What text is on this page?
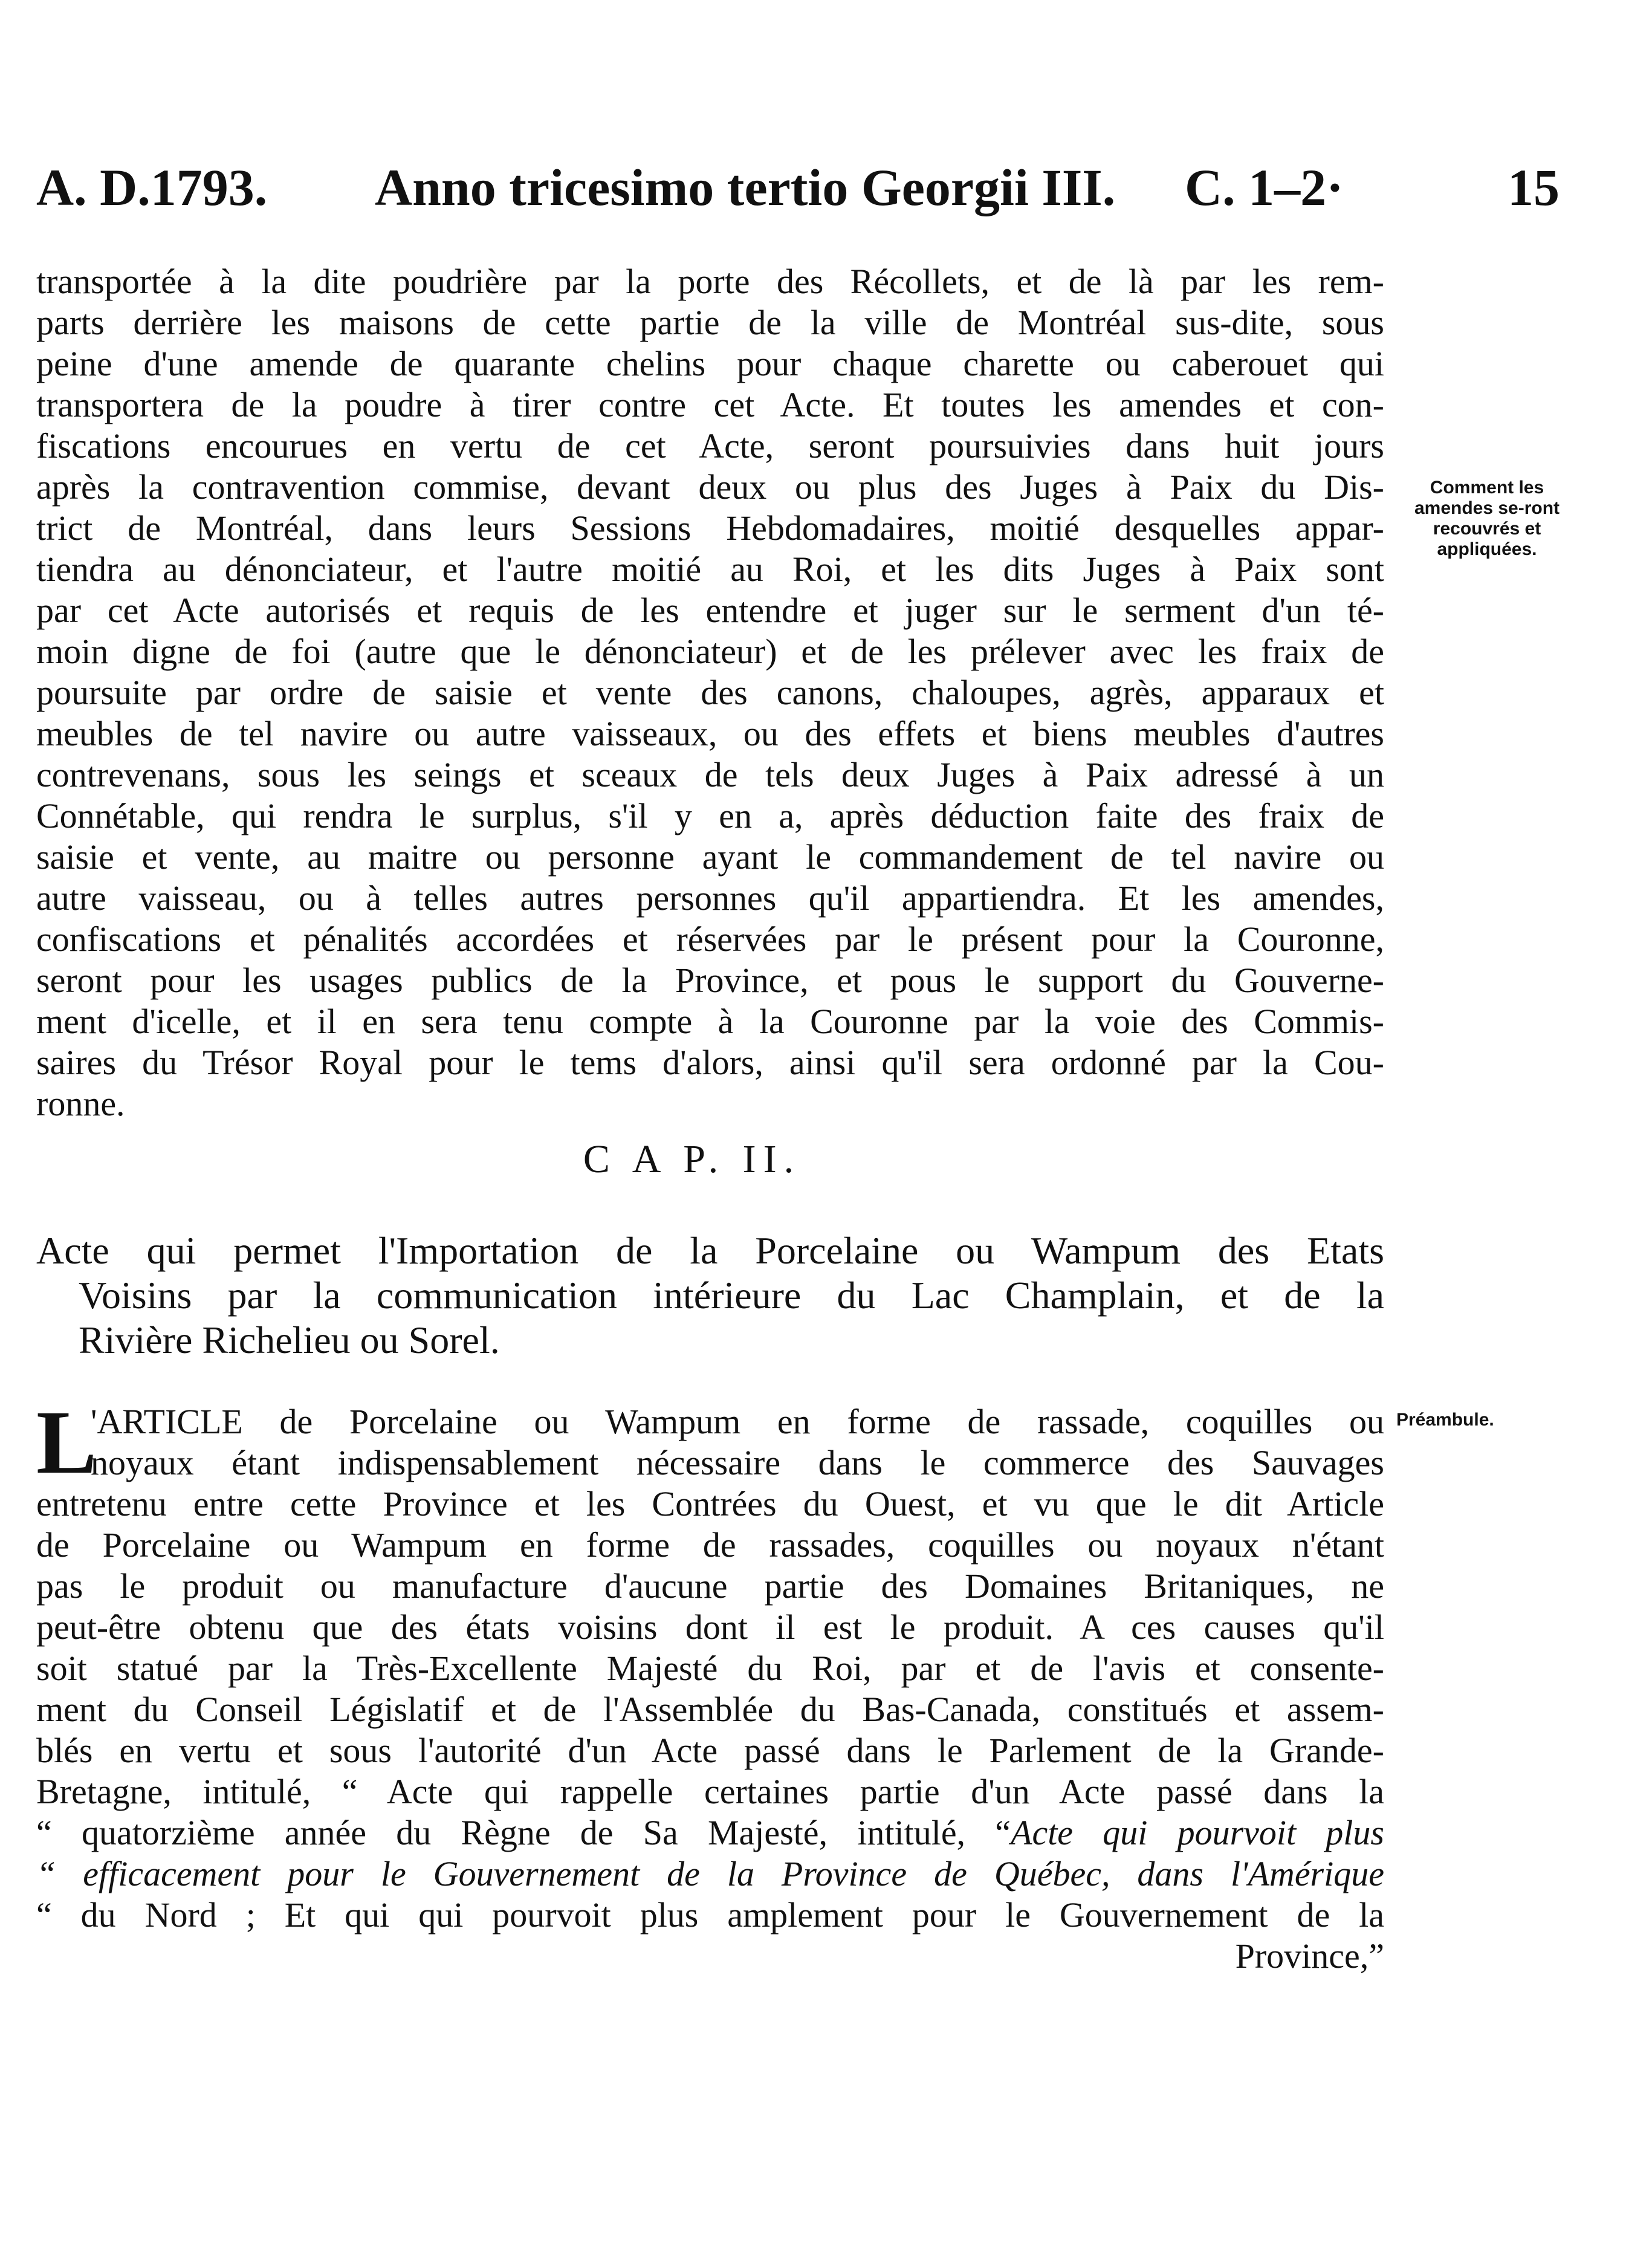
A. D.1793. Anno tricesimo tertio Georgii III. C. 1–2·	15
transportée à la dite poudrière par la porte des Récollets, et de là par les rem-
parts derrière les maisons de cette partie de la ville de Montréal sus-dite, sous
peine d'une amende de quarante chelins pour chaque charette ou caberouet qui
transportera de la poudre à tirer contre cet Acte. Et toutes les amendes et con-
fiscations encourues en vertu de cet Acte, seront poursuivies dans huit jours
après la contravention commise, devant deux ou plus des Juges à Paix du Dis-
trict de Montréal, dans leurs Sessions Hebdomadaires, moitié desquelles appar-
tiendra au dénonciateur, et l'autre moitié au Roi, et les dits Juges à Paix sont
par cet Acte autorisés et requis de les entendre et juger sur le serment d'un té-
moin digne de foi (autre que le dénonciateur) et de les prélever avec les fraix de
poursuite par ordre de saisie et vente des canons, chaloupes, agrès, apparaux et
meubles de tel navire ou autre vaisseaux, ou des effets et biens meubles d'autres
contrevenans, sous les seings et sceaux de tels deux Juges à Paix adressé à un
Connétable, qui rendra le surplus, s'il y en a, après déduction faite des fraix de
saisie et vente, au maitre ou personne ayant le commandement de tel navire ou
autre vaisseau, ou à telles autres personnes qu'il appartiendra. Et les amendes,
confiscations et pénalités accordées et réservées par le présent pour la Couronne,
seront pour les usages publics de la Province, et pous le support du Gouverne-
ment d'icelle, et il en sera tenu compte à la Couronne par la voie des Commis-
saires du Trésor Royal pour le tems d'alors, ainsi qu'il sera ordonné par la Cou-
ronne.
Comment les amendes se-ront recouvrés et appliquées.
C A P. II.
Acte qui permet l'Importation de la Porcelaine ou Wampum des Etats
Voisins par la communication intérieure du Lac Champlain, et de la
Rivière Richelieu ou Sorel.
L	Préambule.
'ARTICLE de Porcelaine ou Wampum en forme de rassade, coquilles ou
noyaux étant indispensablement nécessaire dans le commerce des Sauvages
entretenu entre cette Province et les Contrées du Ouest, et vu que le dit Article
de Porcelaine ou Wampum en forme de rassades, coquilles ou noyaux n'étant
pas le produit ou manufacture d'aucune partie des Domaines Britaniques, ne
peut-être obtenu que des états voisins dont il est le produit. A ces causes qu'il
soit statué par la Très-Excellente Majesté du Roi, par et de l'avis et consente-
ment du Conseil Législatif et de l'Assemblée du Bas-Canada, constitués et assem-
blés en vertu et sous l'autorité d'un Acte passé dans le Parlement de la Grande-
Bretagne, intitulé, “ Acte qui rappelle certaines partie d'un Acte passé dans la
“ quatorzième année du Règne de Sa Majesté, intitulé, “Acte qui pourvoit plus
“ efficacement pour le Gouvernement de la Province de Québec, dans l'Amérique
“ du Nord ; Et qui qui pourvoit plus amplement pour le Gouvernement de la
Province,”
